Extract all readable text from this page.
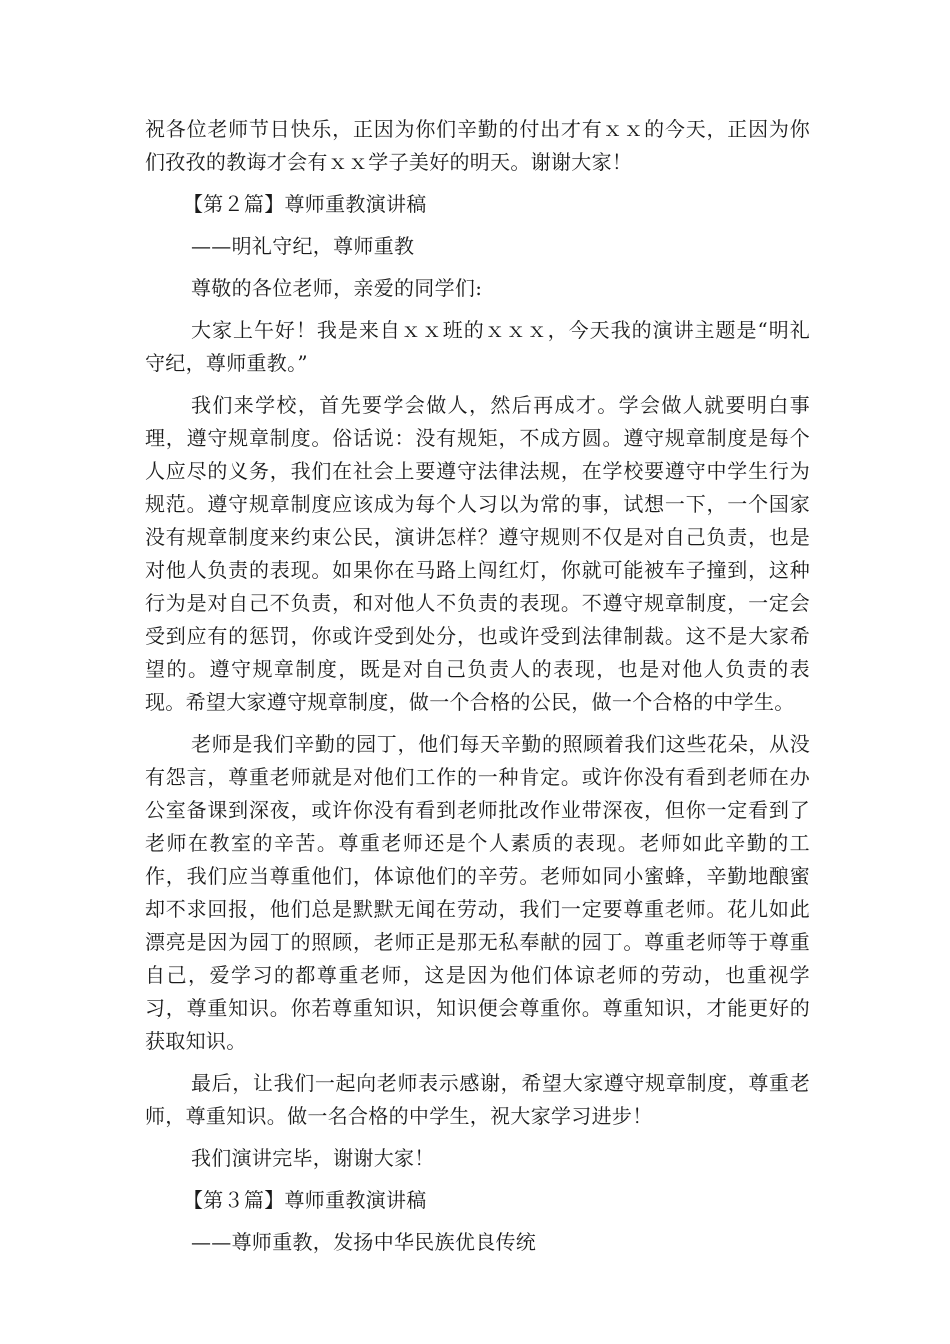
祝各位老师节日快乐，正因为你们辛勤的付出才有ｘｘ的今天，正因为你们孜孜的教诲才会有ｘｘ学子美好的明天。谢谢大家！

【第２篇】尊师重教演讲稿

——明礼守纪，尊师重教

尊敬的各位老师，亲爱的同学们:

大家上午好！我是来自ｘｘ班的ｘｘｘ，今天我的演讲主题是“明礼守纪，尊师重教。”

我们来学校，首先要学会做人，然后再成才。学会做人就要明白事理，遵守规章制度。俗话说：没有规矩，不成方圆。遵守规章制度是每个人应尽的义务，我们在社会上要遵守法律法规，在学校要遵守中学生行为规范。遵守规章制度应该成为每个人习以为常的事，试想一下，一个国家没有规章制度来约束公民，演讲怎样？遵守规则不仅是对自己负责，也是对他人负责的表现。如果你在马路上闯红灯，你就可能被车子撞到，这种行为是对自己不负责，和对他人不负责的表现。不遵守规章制度，一定会受到应有的惩罚，你或许受到处分，也或许受到法律制裁。这不是大家希望的。遵守规章制度，既是对自己负责人的表现，也是对他人负责的表现。希望大家遵守规章制度，做一个合格的公民，做一个合格的中学生。

老师是我们辛勤的园丁，他们每天辛勤的照顾着我们这些花朵，从没有怨言，尊重老师就是对他们工作的一种肯定。或许你没有看到老师在办公室备课到深夜，或许你没有看到老师批改作业带深夜，但你一定看到了老师在教室的辛苦。尊重老师还是个人素质的表现。老师如此辛勤的工作，我们应当尊重他们，体谅他们的辛劳。老师如同小蜜蜂，辛勤地酿蜜却不求回报，他们总是默默无闻在劳动，我们一定要尊重老师。花儿如此漂亮是因为园丁的照顾，老师正是那无私奉献的园丁。尊重老师等于尊重自己，爱学习的都尊重老师，这是因为他们体谅老师的劳动，也重视学习，尊重知识。你若尊重知识，知识便会尊重你。尊重知识，才能更好的获取知识。

最后，让我们一起向老师表示感谢，希望大家遵守规章制度，尊重老师，尊重知识。做一名合格的中学生，祝大家学习进步！

我们演讲完毕，谢谢大家！

【第３篇】尊师重教演讲稿

——尊师重教，发扬中华民族优良传统
